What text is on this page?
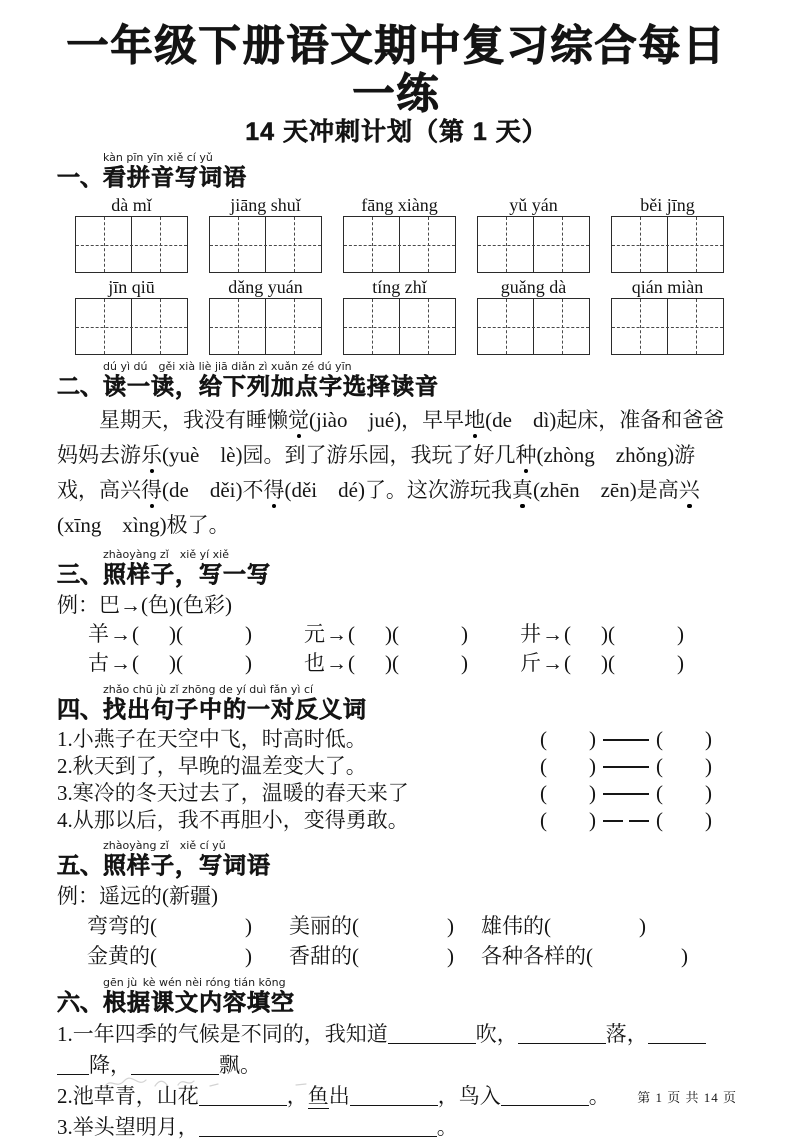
一年级下册语文期中复习综合每日一练
14 天冲刺计划（第 1 天）
一、
kàn pīn yīn xiě cí yǔ
看拼音写词语
dà mǐ	jiāng shuǐ	fāng xiàng	yǔ yán	běi jīng
jīn qiū	dǎng yuán	tíng zhǐ	guǎng dà	qián miàn
二、
dú yì dú gěi xià liè jiā diǎn zì xuǎn zé dú yīn
读一读，给下列加点字选择读音

星期天，我没有睡懒觉(jiào  jué)，早早地(de  dì)起床，准备和爸爸妈妈去游乐(yuè  lè)园。到了游乐园，我玩了好几种(zhòng  zhǒng)游戏，高兴得(de  děi)不得(děi  dé)了。这次游玩我真(zhēn  zēn)是高兴(xīng  xìng)极了。

三、
zhàoyàng zǐ xiě yí xiě
照样子，写一写
例：巴→(色)(色彩)
羊→( )(	)	元→( )(	)	井→( )(	)
古→( )(	)	也→( )(	)	斤→( )(	)
四、
zhǎo chū jù zǐ zhōng de yí duì fǎn yì cí
找出句子中的一对反义词
1.小燕子在天空中飞，时高时低。	( )	( )
2.秋天到了，早晚的温差变大了。	( )	( )
3.寒冷的冬天过去了，温暖的春天来了	( )	( )
4.从那以后，我不再胆小，变得勇敢。	( )	( )
五、
zhàoyàng zǐ xiě cí yǔ
照样子，写词语
例：遥远的(新疆)
弯弯的(	)	美丽的(	)	雄伟的(	)
金黄的(	)	香甜的(	)	各种各样的(	)
六、
gēn jù kè wén nèi róng tián kōng
根据课文内容填空
1.一年四季的气候是不同的，我知道	吹，	落，
降，	飘。
2.池草青，山花	，鱼出	，鸟入	。
3.举头望明月，	。
第 1 页 共 14 页
